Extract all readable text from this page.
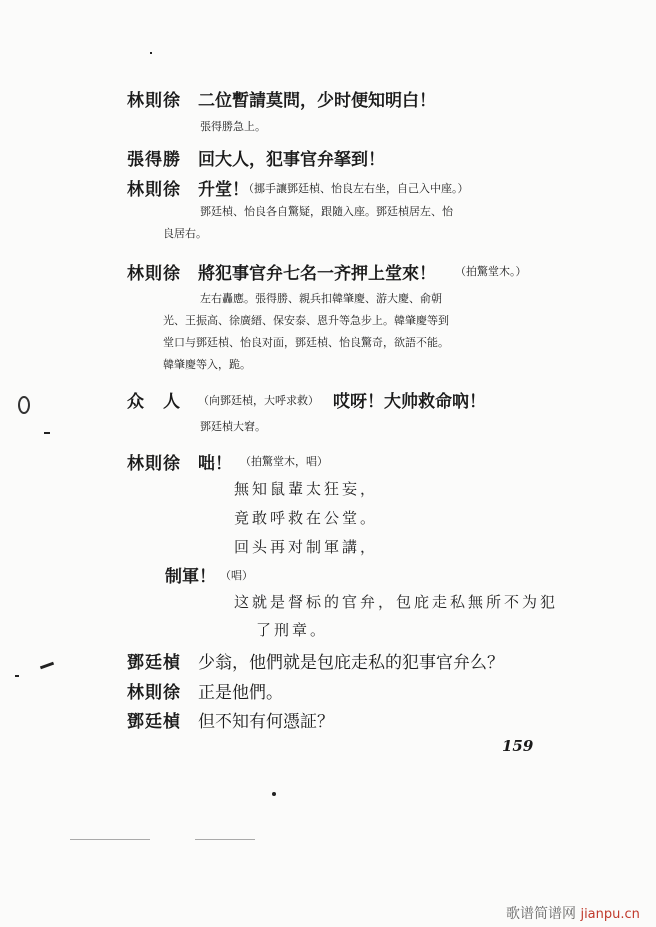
林則徐 二位暫請莫問，少时便知明白！
張得勝急上。
張得勝 回大人，犯事官弁拏到！
林則徐 升堂！
（挪手讓鄧廷楨、怡良左右坐，自己入中座。）
鄧廷楨、怡良各自驚疑，跟隨入座。鄧廷楨居左、怡
良居右。
林則徐 將犯事官弁七名一齐押上堂來！ （拍驚堂木。）
左右轟應。張得勝、親兵扣韓肇慶、游大慶、俞朝
光、王振高、徐廣縉、保安泰、恩升等急步上。韓肇慶等到
堂口与鄧廷楨、怡良对面，鄧廷楨、怡良驚奇，欲語不能。
韓肇慶等入，跪。
众　人 （向鄧廷楨，大呼求救） 哎呀！大帅救命吶！
鄧廷楨大窘。
林則徐 咄！ （拍驚堂木，唱）
無知鼠輩太狂妄，
竟敢呼救在公堂。
回头再对制軍講，
制軍！ （唱）
这就是督标的官弁，包庇走私無所不为犯
了刑章。
鄧廷楨 少翁，他們就是包庇走私的犯事官弁么？
林則徐 正是他們。
鄧廷楨 但不知有何憑証？
159
歌谱简谱网 jianpu.cn
